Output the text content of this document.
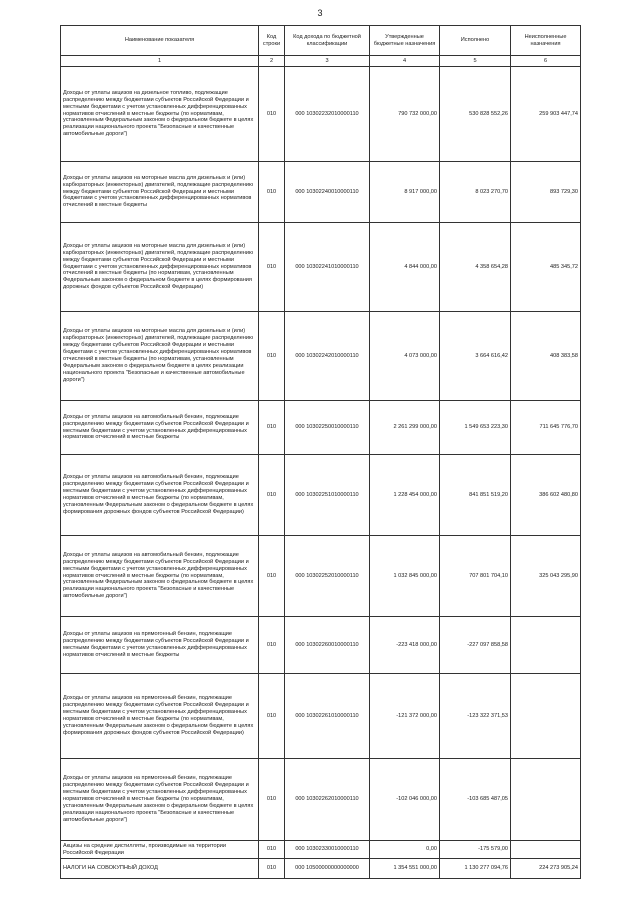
3
Наименование показателя	Код строки	Код дохода по бюджетной классификации	Утвержденные бюджетные назначения	Исполнено	Неисполненные назначения
1	2	3	4	5	6
Доходы от уплаты акцизов на дизельное топливо, подлежащие распределению между бюджетами субъектов Российской Федерации и местными бюджетами с учетом установленных дифференцированных нормативов отчислений в местные бюджеты (по нормативам, установленным Федеральным законом о федеральном бюджете в целях реализации национального проекта "Безопасные и качественные автомобильные дороги")	010	000 10302232010000110	790 732 000,00	530 828 552,26	259 903 447,74
Доходы от уплаты акцизов на моторные масла для дизельных и (или) карбюраторных (инжекторных) двигателей, подлежащие распределению между бюджетами субъектов Российской Федерации и местными бюджетами с учетом установленных дифференцированных нормативов отчислений в местные бюджеты	010	000 10302240010000110	8 917 000,00	8 023 270,70	893 729,30
Доходы от уплаты акцизов на моторные масла для дизельных и (или) карбюраторных (инжекторных) двигателей, подлежащие распределению между бюджетами субъектов Российской Федерации и местными бюджетами с учетом установленных дифференцированных нормативов отчислений в местные бюджеты (по нормативам, установленным Федеральным законом о федеральном бюджете в целях формирования дорожных фондов субъектов Российской Федерации)	010	000 10302241010000110	4 844 000,00	4 358 654,28	485 345,72
Доходы от уплаты акцизов на моторные масла для дизельных и (или) карбюраторных (инжекторных) двигателей, подлежащие распределению между бюджетами субъектов Российской Федерации и местными бюджетами с учетом установленных дифференцированных нормативов отчислений в местные бюджеты (по нормативам, установленным Федеральным законом о федеральном бюджете в целях реализации национального проекта "Безопасные и качественные автомобильные дороги")	010	000 10302242010000110	4 073 000,00	3 664 616,42	408 383,58
Доходы от уплаты акцизов на автомобильный бензин, подлежащие распределению между бюджетами субъектов Российской Федерации и местными бюджетами с учетом установленных дифференцированных нормативов отчислений в местные бюджеты	010	000 10302250010000110	2 261 299 000,00	1 549 653 223,30	711 645 776,70
Доходы от уплаты акцизов на автомобильный бензин, подлежащие распределению между бюджетами субъектов Российской Федерации и местными бюджетами с учетом установленных дифференцированных нормативов отчислений в местные бюджеты (по нормативам, установленным Федеральным законом о федеральном бюджете в целях формирования дорожных фондов субъектов Российской Федерации)	010	000 10302251010000110	1 228 454 000,00	841 851 519,20	386 602 480,80
Доходы от уплаты акцизов на автомобильный бензин, подлежащие распределению между бюджетами субъектов Российской Федерации и местными бюджетами с учетом установленных дифференцированных нормативов отчислений в местные бюджеты (по нормативам, установленным Федеральным законом о федеральном бюджете в целях реализации национального проекта "Безопасные и качественные автомобильные дороги")	010	000 10302252010000110	1 032 845 000,00	707 801 704,10	325 043 295,90
Доходы от уплаты акцизов на прямогонный бензин, подлежащие распределению между бюджетами субъектов Российской Федерации и местными бюджетами с учетом установленных дифференцированных нормативов отчислений в местные бюджеты	010	000 10302260010000110	-223 418 000,00	-227 097 858,58	
Доходы от уплаты акцизов на прямогонный бензин, подлежащие распределению между бюджетами субъектов Российской Федерации и местными бюджетами с учетом установленных дифференцированных нормативов отчислений в местные бюджеты (по нормативам, установленным Федеральным законом о федеральном бюджете в целях формирования дорожных фондов субъектов Российской Федерации)	010	000 10302261010000110	-121 372 000,00	-123 322 371,53	
Доходы от уплаты акцизов на прямогонный бензин, подлежащие распределению между бюджетами субъектов Российской Федерации и местными бюджетами с учетом установленных дифференцированных нормативов отчислений в местные бюджеты (по нормативам, установленным Федеральным законом о федеральном бюджете в целях реализации национального проекта "Безопасные и качественные автомобильные дороги")	010	000 10302262010000110	-102 046 000,00	-103 685 487,05	
Акцизы на средние дистилляты, производимые на территории Российской Федерации	010	000 10302330010000110	0,00	-175 579,00	
НАЛОГИ НА СОВОКУПНЫЙ ДОХОД	010	000 10500000000000000	1 354 551 000,00	1 130 277 094,76	224 273 905,24
